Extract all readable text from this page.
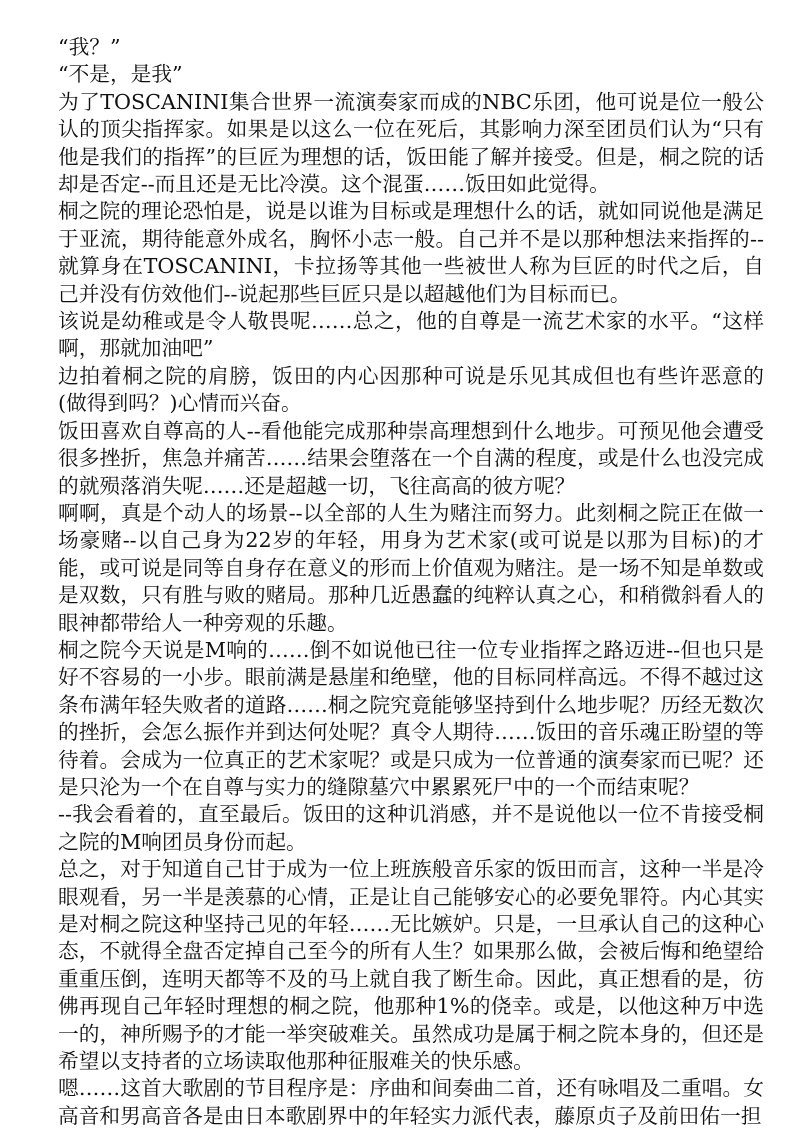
“我？”

“不是，是我”

为了TOSCANINI集合世界一流演奏家而成的NBC乐团，他可说是位一般公认的顶尖指挥家。如果是以这么一位在死后，其影响力深至团员们认为“只有他是我们的指挥”的巨匠为理想的话，饭田能了解并接受。但是，桐之院的话却是否定--而且还是无比冷漠。这个混蛋……饭田如此觉得。

桐之院的理论恐怕是，说是以谁为目标或是理想什么的话，就如同说他是满足于亚流，期待能意外成名，胸怀小志一般。自己并不是以那种想法来指挥的--就算身在TOSCANINI，卡拉扬等其他一些被世人称为巨匠的时代之后，自己并没有仿效他们--说起那些巨匠只是以超越他们为目标而已。

该说是幼稚或是令人敬畏呢……总之，他的自尊是一流艺术家的水平。“这样啊，那就加油吧”

边拍着桐之院的肩膀，饭田的内心因那种可说是乐见其成但也有些许恶意的(做得到吗？)心情而兴奋。

饭田喜欢自尊高的人--看他能完成那种崇高理想到什么地步。可预见他会遭受很多挫折，焦急并痛苦……结果会堕落在一个自满的程度，或是什么也没完成的就殒落消失呢……还是超越一切，飞往高高的彼方呢？

啊啊，真是个动人的场景--以全部的人生为赌注而努力。此刻桐之院正在做一场豪赌--以自己身为22岁的年轻，用身为艺术家(或可说是以那为目标)的才能，或可说是同等自身存在意义的形而上价值观为赌注。是一场不知是单数或是双数，只有胜与败的赌局。那种几近愚蠢的纯粹认真之心，和稍微斜看人的眼神都带给人一种旁观的乐趣。

桐之院今天说是M响的……倒不如说他已往一位专业指挥之路迈进--但也只是好不容易的一小步。眼前满是悬崖和绝壁，他的目标同样高远。不得不越过这条布满年轻失败者的道路……桐之院究竟能够坚持到什么地步呢？历经无数次的挫折，会怎么振作并到达何处呢？真令人期待……饭田的音乐魂正盼望的等待着。会成为一位真正的艺术家呢？或是只成为一位普通的演奏家而已呢？还是只沦为一个在自尊与实力的缝隙墓穴中累累死尸中的一个而结束呢？

--我会看着的，直至最后。饭田的这种讥消感，并不是说他以一位不肯接受桐之院的M响团员身份而起。

总之，对于知道自己甘于成为一位上班族般音乐家的饭田而言，这种一半是冷眼观看，另一半是羡慕的心情，正是让自己能够安心的必要免罪符。内心其实是对桐之院这种坚持己见的年轻……无比嫉妒。只是，一旦承认自己的这种心态，不就得全盘否定掉自己至今的所有人生？如果那么做，会被后悔和绝望给重重压倒，连明天都等不及的马上就自我了断生命。因此，真正想看的是，彷佛再现自己年轻时理想的桐之院，他那种1%的侥幸。或是，以他这种万中选一的，神所赐予的才能一举突破难关。虽然成功是属于桐之院本身的，但还是希望以支持者的立场读取他那种征服难关的快乐感。

嗯……这首大歌剧的节目程序是：序曲和间奏曲二首，还有咏唱及二重唱。女高音和男高音各是由日本歌剧界中的年轻实力派代表，藤原贞子及前田佑一担
